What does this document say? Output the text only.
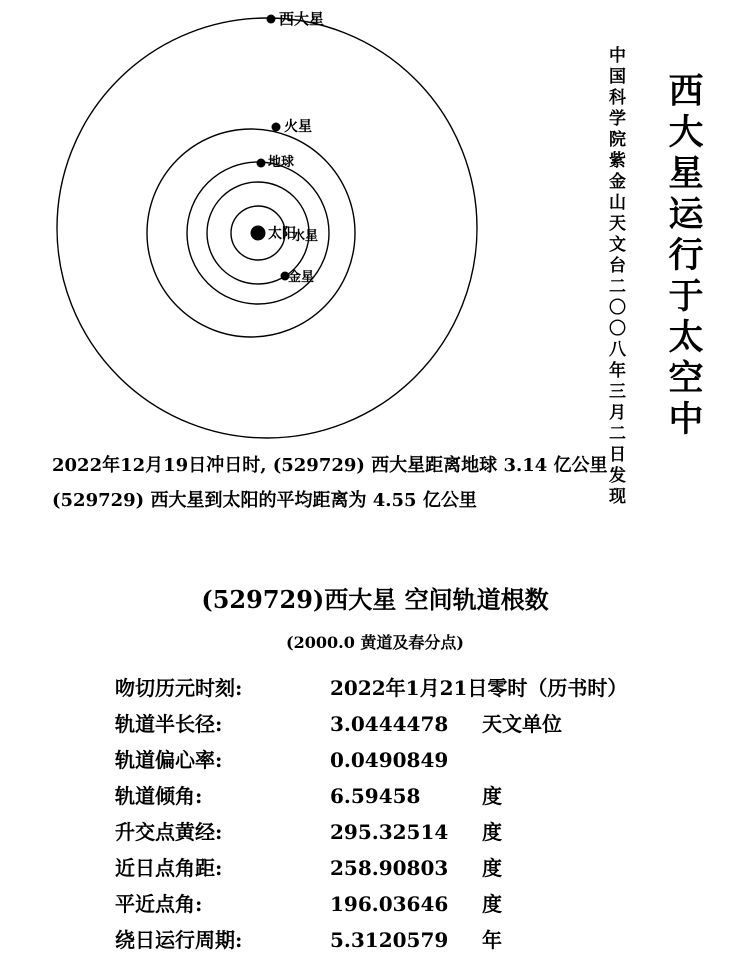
西大星
火星
地球
太阳
水星
金星	中国科学院紫金山天文台二〇〇八年三月二日发现 西大星运行于太空中
2022年12月19日冲日时, (529729) 西大星距离地球 3.14 亿公里
(529729) 西大星到太阳的平均距离为 4.55 亿公里
(529729)西大星 空间轨道根数
(2000.0 黄道及春分点)
吻切历元时刻:	2022年1月21日零时（历书时）
轨道半长径:	3.0444478	天文单位
轨道偏心率:	0.0490849
轨道倾角:	6.59458	度
升交点黄经:	295.32514	度
近日点角距:	258.90803	度
平近点角:	196.03646	度
绕日运行周期:	5.3120579	年
